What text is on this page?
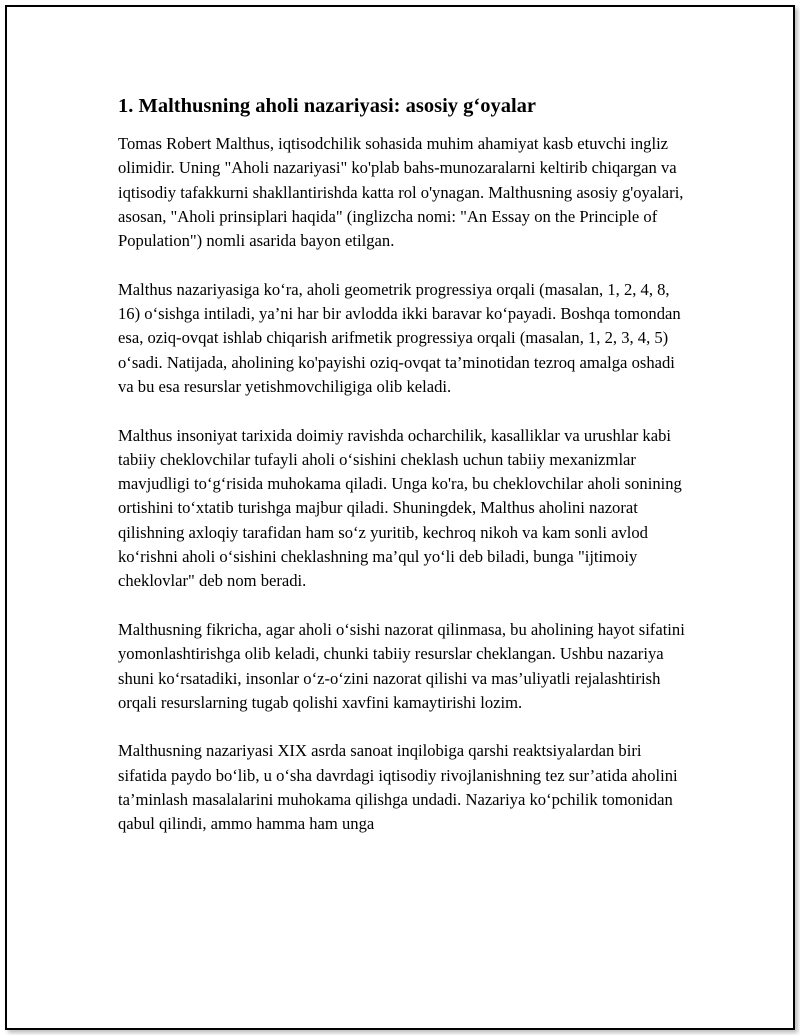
1. Malthusning aholi nazariyasi: asosiy g‘oyalar

Tomas Robert Malthus, iqtisodchilik sohasida muhim ahamiyat kasb etuvchi ingliz olimidir. Uning "Aholi nazariyasi" ko'plab bahs-munozaralarni keltirib chiqargan va iqtisodiy tafakkurni shakllantirishda katta rol o'ynagan. Malthusning asosiy g'oyalari, asosan, "Aholi prinsiplari haqida" (inglizcha nomi: "An Essay on the Principle of Population") nomli asarida bayon etilgan.

Malthus nazariyasiga ko‘ra, aholi geometrik progressiya orqali (masalan, 1, 2, 4, 8, 16) o‘sishga intiladi, ya’ni har bir avlodda ikki baravar ko‘payadi. Boshqa tomondan esa, oziq-ovqat ishlab chiqarish arifmetik progressiya orqali (masalan, 1, 2, 3, 4, 5) o‘sadi. Natijada, aholining ko'payishi oziq-ovqat ta’minotidan tezroq amalga oshadi va bu esa resurslar yetishmovchiligiga olib keladi.

Malthus insoniyat tarixida doimiy ravishda ocharchilik, kasalliklar va urushlar kabi tabiiy cheklovchilar tufayli aholi o‘sishini cheklash uchun tabiiy mexanizmlar mavjudligi to‘g‘risida muhokama qiladi. Unga ko'ra, bu cheklovchilar aholi sonining ortishini to‘xtatib turishga majbur qiladi. Shuningdek, Malthus aholini nazorat qilishning axloqiy tarafidan ham so‘z yuritib, kechroq nikoh va kam sonli avlod ko‘rishni aholi o‘sishini cheklashning ma’qul yo‘li deb biladi, bunga "ijtimoiy cheklovlar" deb nom beradi.

Malthusning fikricha, agar aholi o‘sishi nazorat qilinmasa, bu aholining hayot sifatini yomonlashtirishga olib keladi, chunki tabiiy resurslar cheklangan. Ushbu nazariya shuni ko‘rsatadiki, insonlar o‘z-o‘zini nazorat qilishi va mas’uliyatli rejalashtirish orqali resurslarning tugab qolishi xavfini kamaytirishi lozim.

Malthusning nazariyasi XIX asrda sanoat inqilobiga qarshi reaktsiyalardan biri sifatida paydo bo‘lib, u o‘sha davrdagi iqtisodiy rivojlanishning tez sur’atida aholini ta’minlash masalalarini muhokama qilishga undadi. Nazariya ko‘pchilik tomonidan qabul qilindi, ammo hamma ham unga
